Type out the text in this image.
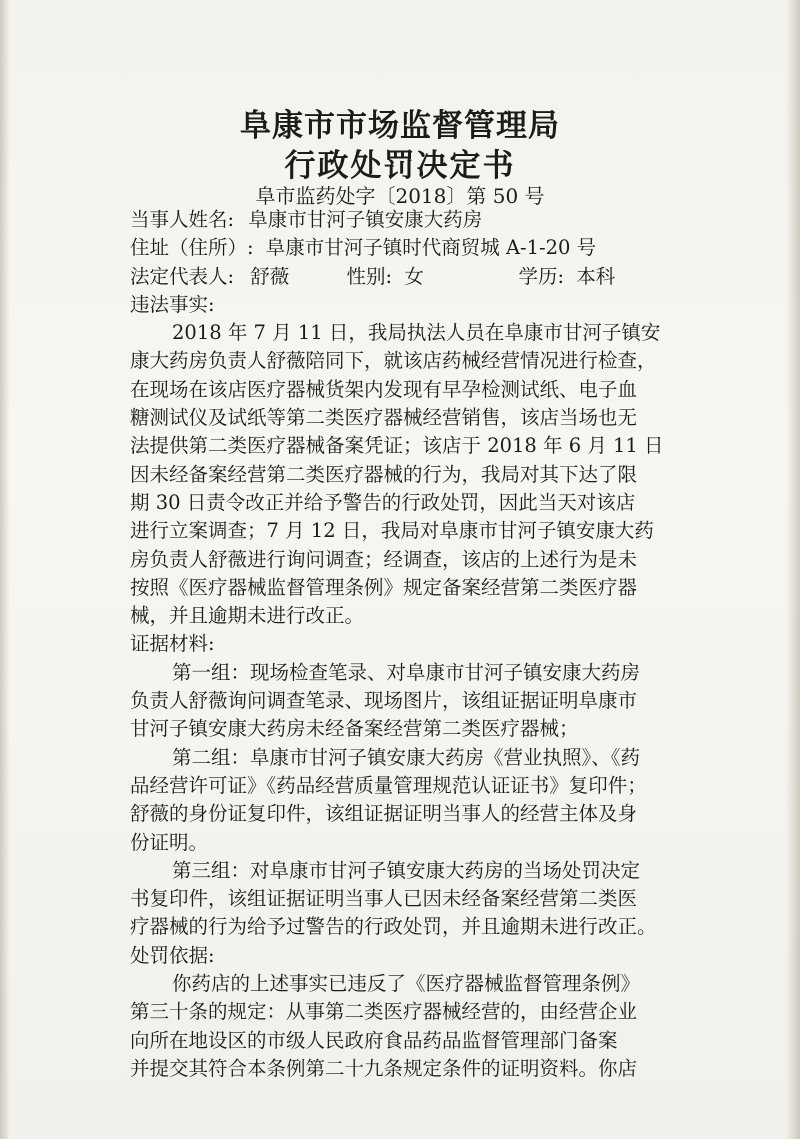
阜康市市场监督管理局
行政处罚决定书
阜市监药处字〔2018〕第 50 号
当事人姓名: 阜康市甘河子镇安康大药房
住址（住所）: 阜康市甘河子镇时代商贸城 A-1-20 号
法定代表人: 舒薇	性别: 女	学历: 本科
违法事实:
2018 年 7 月 11 日，我局执法人员在阜康市甘河子镇安
康大药房负责人舒薇陪同下，就该店药械经营情况进行检查，
在现场在该店医疗器械货架内发现有早孕检测试纸、电子血
糖测试仪及试纸等第二类医疗器械经营销售，该店当场也无
法提供第二类医疗器械备案凭证；该店于 2018 年 6 月 11 日
因未经备案经营第二类医疗器械的行为，我局对其下达了限
期 30 日责令改正并给予警告的行政处罚，因此当天对该店
进行立案调查；7 月 12 日，我局对阜康市甘河子镇安康大药
房负责人舒薇进行询问调查；经调查，该店的上述行为是未
按照《医疗器械监督管理条例》规定备案经营第二类医疗器
械，并且逾期未进行改正。
证据材料:
第一组：现场检查笔录、对阜康市甘河子镇安康大药房
负责人舒薇询问调查笔录、现场图片，该组证据证明阜康市
甘河子镇安康大药房未经备案经营第二类医疗器械；
第二组：阜康市甘河子镇安康大药房《营业执照》、《药
品经营许可证》《药品经营质量管理规范认证证书》复印件；
舒薇的身份证复印件，该组证据证明当事人的经营主体及身
份证明。
第三组：对阜康市甘河子镇安康大药房的当场处罚决定
书复印件，该组证据证明当事人已因未经备案经营第二类医
疗器械的行为给予过警告的行政处罚，并且逾期未进行改正。
处罚依据:
你药店的上述事实已违反了《医疗器械监督管理条例》
第三十条的规定：从事第二类医疗器械经营的，由经营企业
向所在地设区的市级人民政府食品药品监督管理部门备案
并提交其符合本条例第二十九条规定条件的证明资料。你店
